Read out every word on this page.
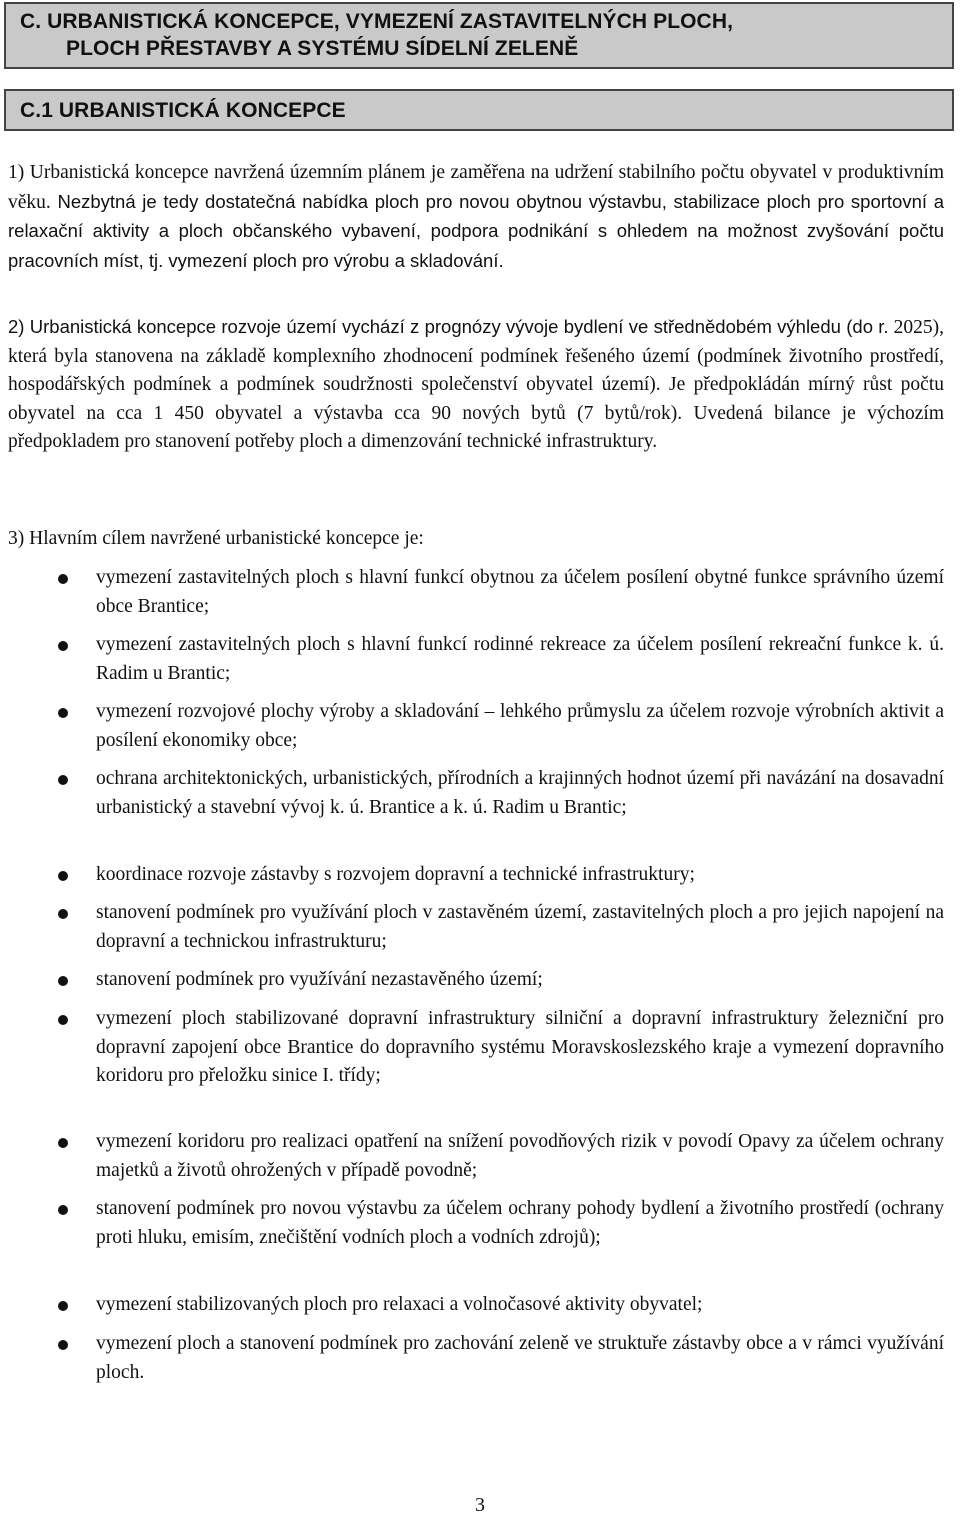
C. URBANISTICKÁ KONCEPCE, VYMEZENÍ ZASTAVITELNÝCH PLOCH,
PLOCH PŘESTAVBY A SYSTÉMU SÍDELNÍ ZELENĚ
C.1 URBANISTICKÁ KONCEPCE

1) Urbanistická koncepce navržená územním plánem je zaměřena na udržení stabilního počtu obyvatel v produktivním věku. Nezbytná je tedy dostatečná nabídka ploch pro novou obytnou výstavbu, stabilizace ploch pro sportovní a relaxační aktivity a ploch občanského vybavení, podpora podnikání s ohledem na možnost zvyšování počtu pracovních míst, tj. vymezení ploch pro výrobu a skladování.

2) Urbanistická koncepce rozvoje území vychází z prognózy vývoje bydlení ve střednědobém výhledu (do r. 2025), která byla stanovena na základě komplexního zhodnocení podmínek řešeného území (podmínek životního prostředí, hospodářských podmínek a podmínek soudržnosti společenství obyvatel území). Je předpokládán mírný růst počtu obyvatel na cca 1 450 obyvatel a výstavba cca 90 nových bytů (7 bytů/rok). Uvedená bilance je výchozím předpokladem pro stanovení potřeby ploch a dimenzování technické infrastruktury.

3) Hlavním cílem navržené urbanistické koncepce je:

vymezení zastavitelných ploch s hlavní funkcí obytnou za účelem posílení obytné funkce správního území obce Brantice;

vymezení zastavitelných ploch s hlavní funkcí rodinné rekreace za účelem posílení rekreační funkce k. ú. Radim u Brantic;

vymezení rozvojové plochy výroby a skladování – lehkého průmyslu za účelem rozvoje výrobních aktivit a posílení ekonomiky obce;

ochrana architektonických, urbanistických, přírodních a krajinných hodnot území při navázání na dosavadní urbanistický a stavební vývoj k. ú. Brantice a k. ú. Radim u Brantic;

koordinace rozvoje zástavby s rozvojem dopravní a technické infrastruktury;

stanovení podmínek pro využívání ploch v zastavěném území, zastavitelných ploch a pro jejich napojení na dopravní a technickou infrastrukturu;

stanovení podmínek pro využívání nezastavěného území;

vymezení ploch stabilizované dopravní infrastruktury silniční a dopravní infrastruktury železniční pro dopravní zapojení obce Brantice do dopravního systému Moravskoslezského kraje a vymezení dopravního koridoru pro přeložku sinice I. třídy;

vymezení koridoru pro realizaci opatření na snížení povodňových rizik v povodí Opavy za účelem ochrany majetků a životů ohrožených v případě povodně;

stanovení podmínek pro novou výstavbu za účelem ochrany pohody bydlení a životního prostředí (ochrany proti hluku, emisím, znečištění vodních ploch a vodních zdrojů);

vymezení stabilizovaných ploch pro relaxaci a volnočasové aktivity obyvatel;

vymezení ploch a stanovení podmínek pro zachování zeleně ve struktuře zástavby obce a v rámci využívání ploch.

3
